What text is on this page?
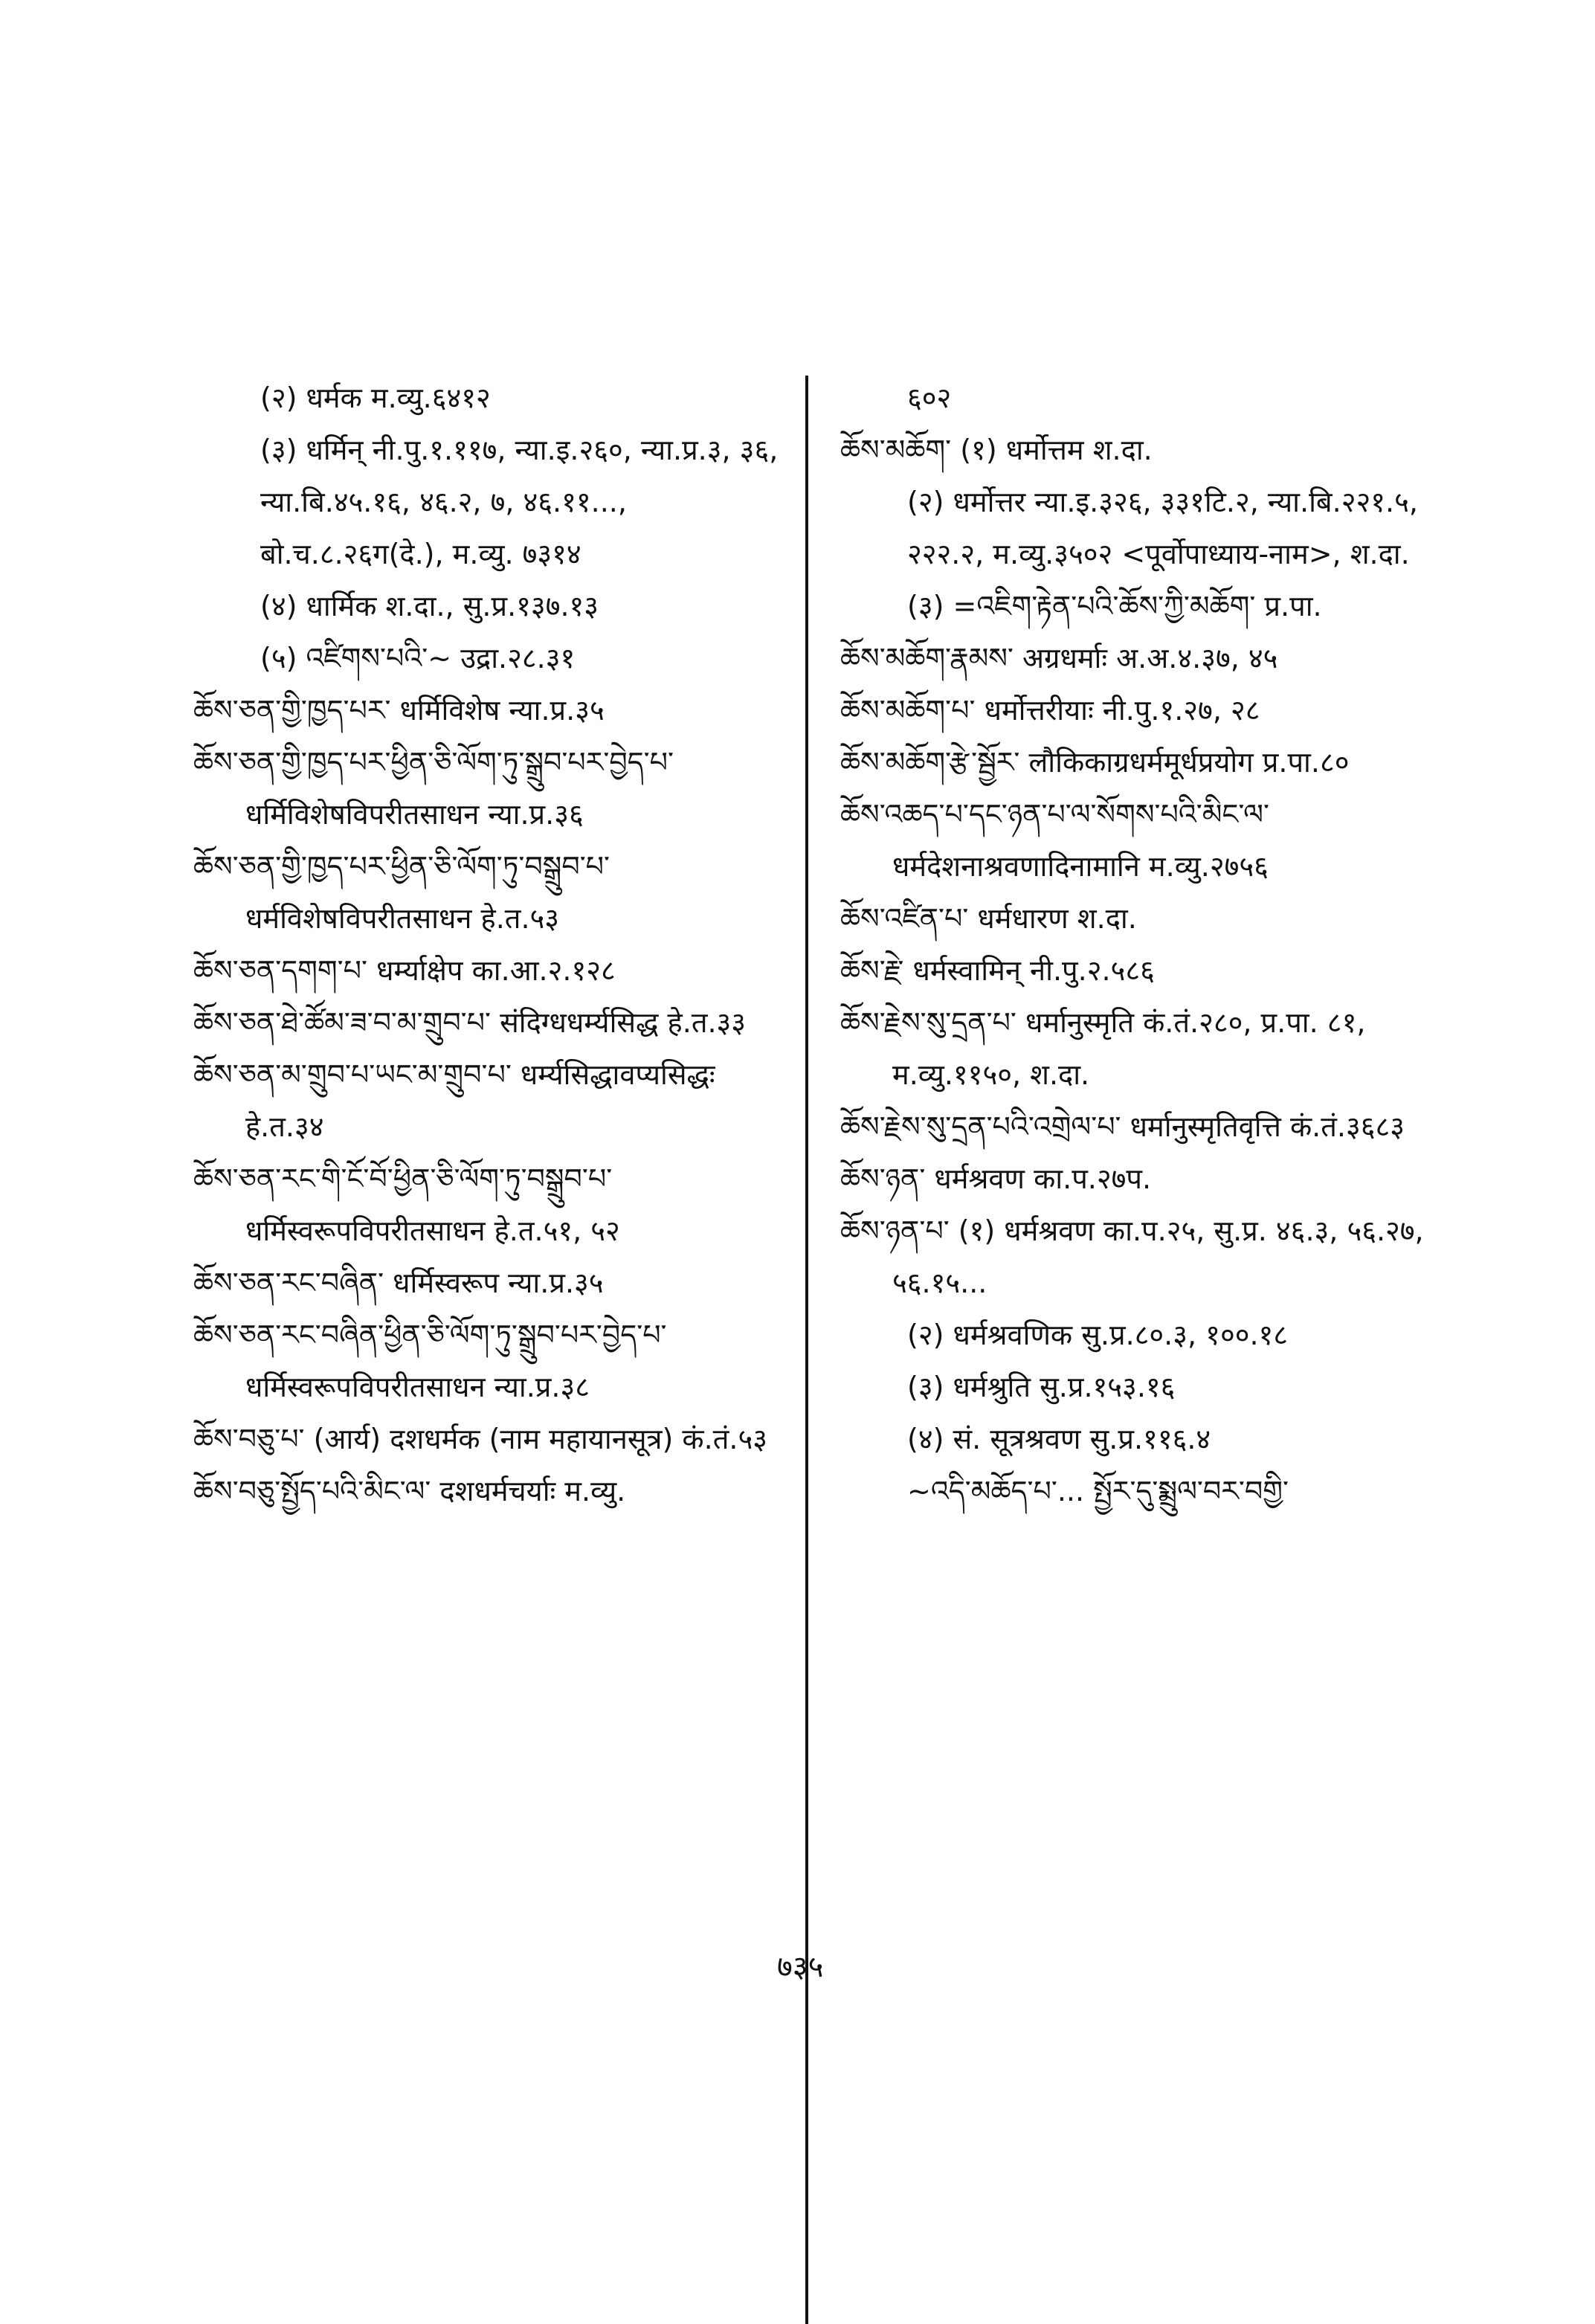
(२) धर्मक म.व्यु.६४१२
(३) धर्मिन् नी.पु.१.११७, न्या.इ.२६०, न्या.प्र.३, ३६, न्या.बि.४५.१६, ४६.२, ७, ४६.११..., बो.च.८.२६ग(दे.), म.व्यु. ७३१४
(४) धार्मिक श.दा., सु.प्र.१३७.१३
(५) འཛིགས་པའི་~ उद्रा.२८.३१
ཆོས་ཅན་གྱི་ཁྱད་པར་ धर्मिविशेष न्या.प्र.३५
ཆོས་ཅན་གྱི་ཁྱད་པར་ཕྱིན་ཅི་ལོག་ཏུ་སྒྲུབ་པར་བྱེད་པ་ धर्मिविशेषविपरीतसाधन न्या.प्र.३६
ཆོས་ཅན་གྱི་ཁྱད་པར་ཕྱིན་ཅི་ལོག་ཏུ་བསྒྲུབ་པ་ धर्मविशेषविपरीतसाधन हे.त.५३
ཆོས་ཅན་དགག་པ་ धर्म्याक्षेप का.आ.२.१२८
ཆོས་ཅན་ཐེ་ཚོམ་ཟ་བ་མ་གྲུབ་པ་ संदिग्धधर्म्यसिद्ध हे.त.३३
ཆོས་ཅན་མ་གྲུབ་པ་ཡང་མ་གྲུབ་པ་ धर्म्यसिद्धावप्यसिद्धः हे.त.३४
ཆོས་ཅན་རང་གི་ངོ་བོ་ཕྱིན་ཅི་ལོག་ཏུ་བསྒྲུབ་པ་ धर्मिस्वरूपविपरीतसाधन हे.त.५१, ५२
ཆོས་ཅན་རང་བཞིན་ धर्मिस्वरूप न्या.प्र.३५
ཆོས་ཅན་རང་བཞིན་ཕྱིན་ཅི་ལོག་ཏུ་སྒྲུབ་པར་བྱེད་པ་ धर्मिस्वरूपविपरीतसाधन न्या.प्र.३८
ཆོས་བཅུ་པ་ (आर्य) दशधर्मक (नाम महायानसूत्र) कं.तं.५३
ཆོས་བཅུ་སྤྱོད་པའི་མིང་ལ་ दशधर्मचर्याः म.व्यु.
६०२
ཆོས་མཆོག་ (१) धर्मोत्तम श.दा.
(२) धर्मोत्तर न्या.इ.३२६, ३३१टि.२, न्या.बि.२२१.५, २२२.२, म.व्यु.३५०२ <पूर्वोपाध्याय-नाम>, श.दा.
(३) =འཇིག་རྟེན་པའི་ཆོས་ཀྱི་མཆོག་ प्र.पा.
ཆོས་མཆོག་རྣམས་ अग्रधर्माः अ.अ.४.३७, ४५
ཆོས་མཆོག་པ་ धर्मोत्तरीयाः नी.पु.१.२७, २८
ཆོས་མཆོག་རྩེ་སྦྱོར་ लौकिकाग्रधर्ममूर्धप्रयोग प्र.पा.८०
ཆོས་འཆད་པ་དང་ཉན་པ་ལ་སོགས་པའི་མིང་ལ་ धर्मदेशनाश्रवणादिनामानि म.व्यु.२७५६
ཆོས་འཛིན་པ་ धर्मधारण श.दा.
ཆོས་རྗེ་ धर्मस्वामिन् नी.पु.२.५८६
ཆོས་རྗེས་སུ་དྲན་པ་ धर्मानुस्मृति कं.तं.२८०, प्र.पा. ८१, म.व्यु.११५०, श.दा.
ཆོས་རྗེས་སུ་དྲན་པའི་འགྲེལ་པ་ धर्मानुस्मृतिवृत्ति कं.तं.३६८३
ཆོས་ཉན་ धर्मश्रवण का.प.२७प.
ཆོས་ཉན་པ་ (१) धर्मश्रवण का.प.२५, सु.प्र. ४६.३, ५६.२७, ५६.१५...
(२) धर्मश्रवणिक सु.प्र.८०.३, १००.१८
(३) धर्मश्रुति सु.प्र.१५३.१६
(४) सं. सूत्रश्रवण सु.प्र.११६.४
~འདི་མཆོད་པ་... སྤྱོར་དུ་སྨྲུལ་བར་བགྱི་
७३५
